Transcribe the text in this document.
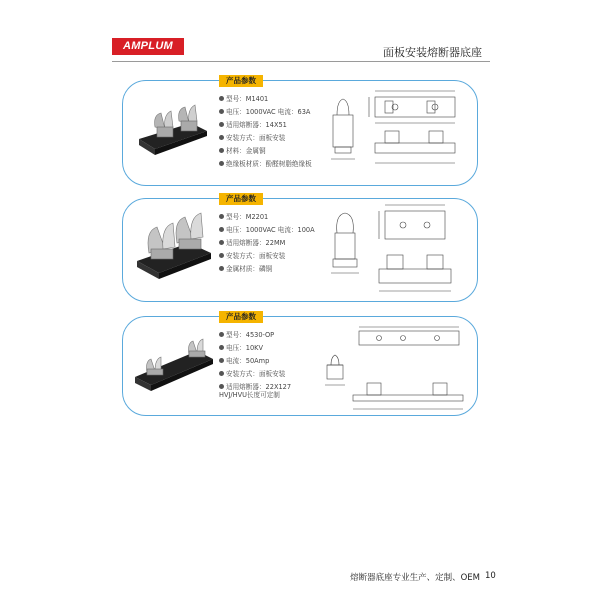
AMPLUM	面板安装熔断器底座
产品参数
型号：M1401
电压：1000VAC 电流：63A
适用熔断器：14X51
安装方式：面板安装
材料：金属铜
绝缘板材质：酚醛树脂绝缘板
产品参数
型号：M2201
电压：1000VAC 电流：100A
适用熔断器：22MM
安装方式：面板安装
金属材质：磷铜
产品参数
型号：4530-OP
电压：10KV
电流：50Amp
安装方式：面板安装
适用熔断器：22X127
HVJ/HVU长度可定制
熔断器底座专业生产、定制、OEM 10
